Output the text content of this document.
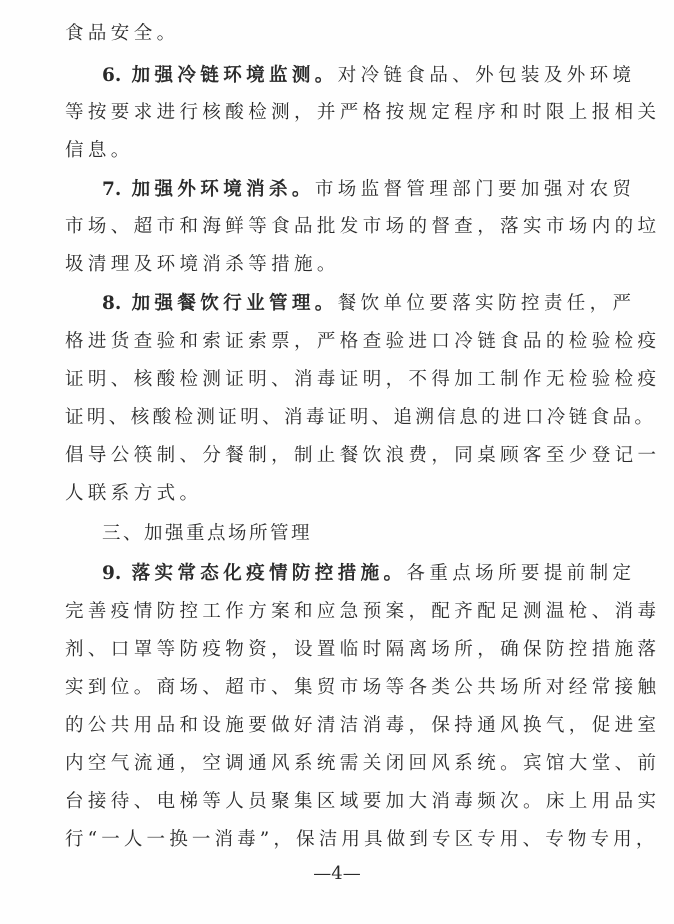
食品安全。
6. 加强冷链环境监测。对冷链食品、外包装及外环境
等按要求进行核酸检测，并严格按规定程序和时限上报相关
信息。
7. 加强外环境消杀。市场监督管理部门要加强对农贸
市场、超市和海鲜等食品批发市场的督查，落实市场内的垃
圾清理及环境消杀等措施。
8. 加强餐饮行业管理。餐饮单位要落实防控责任，严
格进货查验和索证索票，严格查验进口冷链食品的检验检疫
证明、核酸检测证明、消毒证明，不得加工制作无检验检疫
证明、核酸检测证明、消毒证明、追溯信息的进口冷链食品。
倡导公筷制、分餐制，制止餐饮浪费，同桌顾客至少登记一
人联系方式。
三、加强重点场所管理
9. 落实常态化疫情防控措施。各重点场所要提前制定
完善疫情防控工作方案和应急预案，配齐配足测温枪、消毒
剂、口罩等防疫物资，设置临时隔离场所，确保防控措施落
实到位。商场、超市、集贸市场等各类公共场所对经常接触
的公共用品和设施要做好清洁消毒，保持通风换气，促进室
内空气流通，空调通风系统需关闭回风系统。宾馆大堂、前
台接待、电梯等人员聚集区域要加大消毒频次。床上用品实
行“一人一换一消毒”，保洁用具做到专区专用、专物专用，
—4—
